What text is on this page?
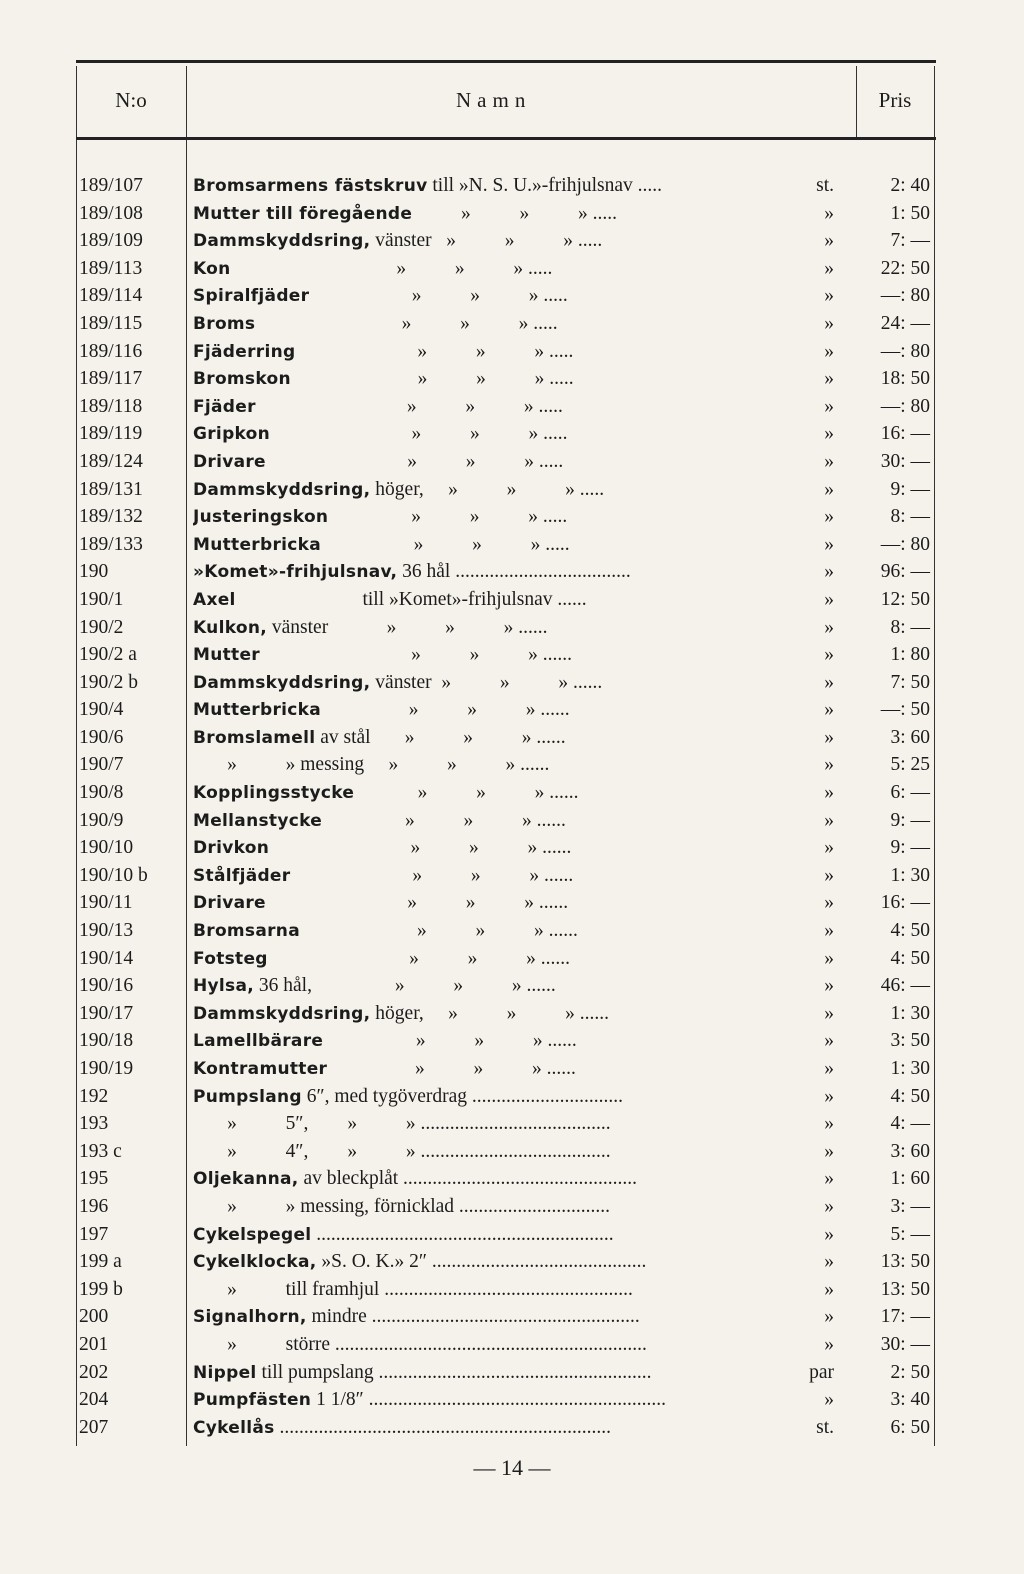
N:o	Namn	Pris
189/107	Bromsarmens fästskruv till »N. S. U.»-frihjulsnav .....	st.	2: 40
189/108	Mutter till föregående          »          »          » .....	»	1: 50
189/109	Dammskyddsring, vänster   »          »          » .....	»	7: —
189/113	Kon                                  »          »          » .....	»	22: 50
189/114	Spiralfjäder                     »          »          » .....	»	—: 80
189/115	Broms                              »          »          » .....	»	24: —
189/116	Fjäderring                         »          »          » .....	»	—: 80
189/117	Bromskon                          »          »          » .....	»	18: 50
189/118	Fjäder                               »          »          » .....	»	—: 80
189/119	Gripkon                             »          »          » .....	»	16: —
189/124	Drivare                             »          »          » .....	»	30: —
189/131	Dammskyddsring, höger,     »          »          » .....	»	9: —
189/132	Justeringskon                 »          »          » .....	»	8: —
189/133	Mutterbricka                   »          »          » .....	»	—: 80
190	»Komet»-frihjulsnav, 36 hål ....................................	»	96: —
190/1	Axel                          till »Komet»-frihjulsnav ......	»	12: 50
190/2	Kulkon, vänster            »          »          » ......	»	8: —
190/2 a	Mutter                               »          »          » ......	»	1: 80
190/2 b	Dammskyddsring, vänster  »          »          » ......	»	7: 50
190/4	Mutterbricka                  »          »          » ......	»	—: 50
190/6	Bromslamell av stål       »          »          » ......	»	3: 60
190/7	»          » messing     »          »          » ......	»	5: 25
190/8	Kopplingsstycke             »          »          » ......	»	6: —
190/9	Mellanstycke                 »          »          » ......	»	9: —
190/10	Drivkon                             »          »          » ......	»	9: —
190/10 b	Stålfjäder                         »          »          » ......	»	1: 30
190/11	Drivare                             »          »          » ......	»	16: —
190/13	Bromsarna                        »          »          » ......	»	4: 50
190/14	Fotsteg                             »          »          » ......	»	4: 50
190/16	Hylsa, 36 hål,                 »          »          » ......	»	46: —
190/17	Dammskyddsring, höger,     »          »          » ......	»	1: 30
190/18	Lamellbärare                   »          »          » ......	»	3: 50
190/19	Kontramutter                  »          »          » ......	»	1: 30
192	Pumpslang 6″, med tygöverdrag ...............................	»	4: 50
193	»          5″,        »          » .......................................	»	4: —
193 c	»          4″,        »          » .......................................	»	3: 60
195	Oljekanna, av bleckplåt ................................................	»	1: 60
196	»          » messing, förnicklad ...............................	»	3: —
197	Cykelspegel .............................................................	»	5: —
199 a	Cykelklocka, »S. O. K.» 2″ ............................................	»	13: 50
199 b	»          till framhjul ...................................................	»	13: 50
200	Signalhorn, mindre .......................................................	»	17: —
201	»          större ................................................................	»	30: —
202	Nippel till pumpslang ........................................................	par	2: 50
204	Pumpfästen 1 1/8″ .............................................................	»	3: 40
207	Cykellås ....................................................................	st.	6: 50
— 14 —
